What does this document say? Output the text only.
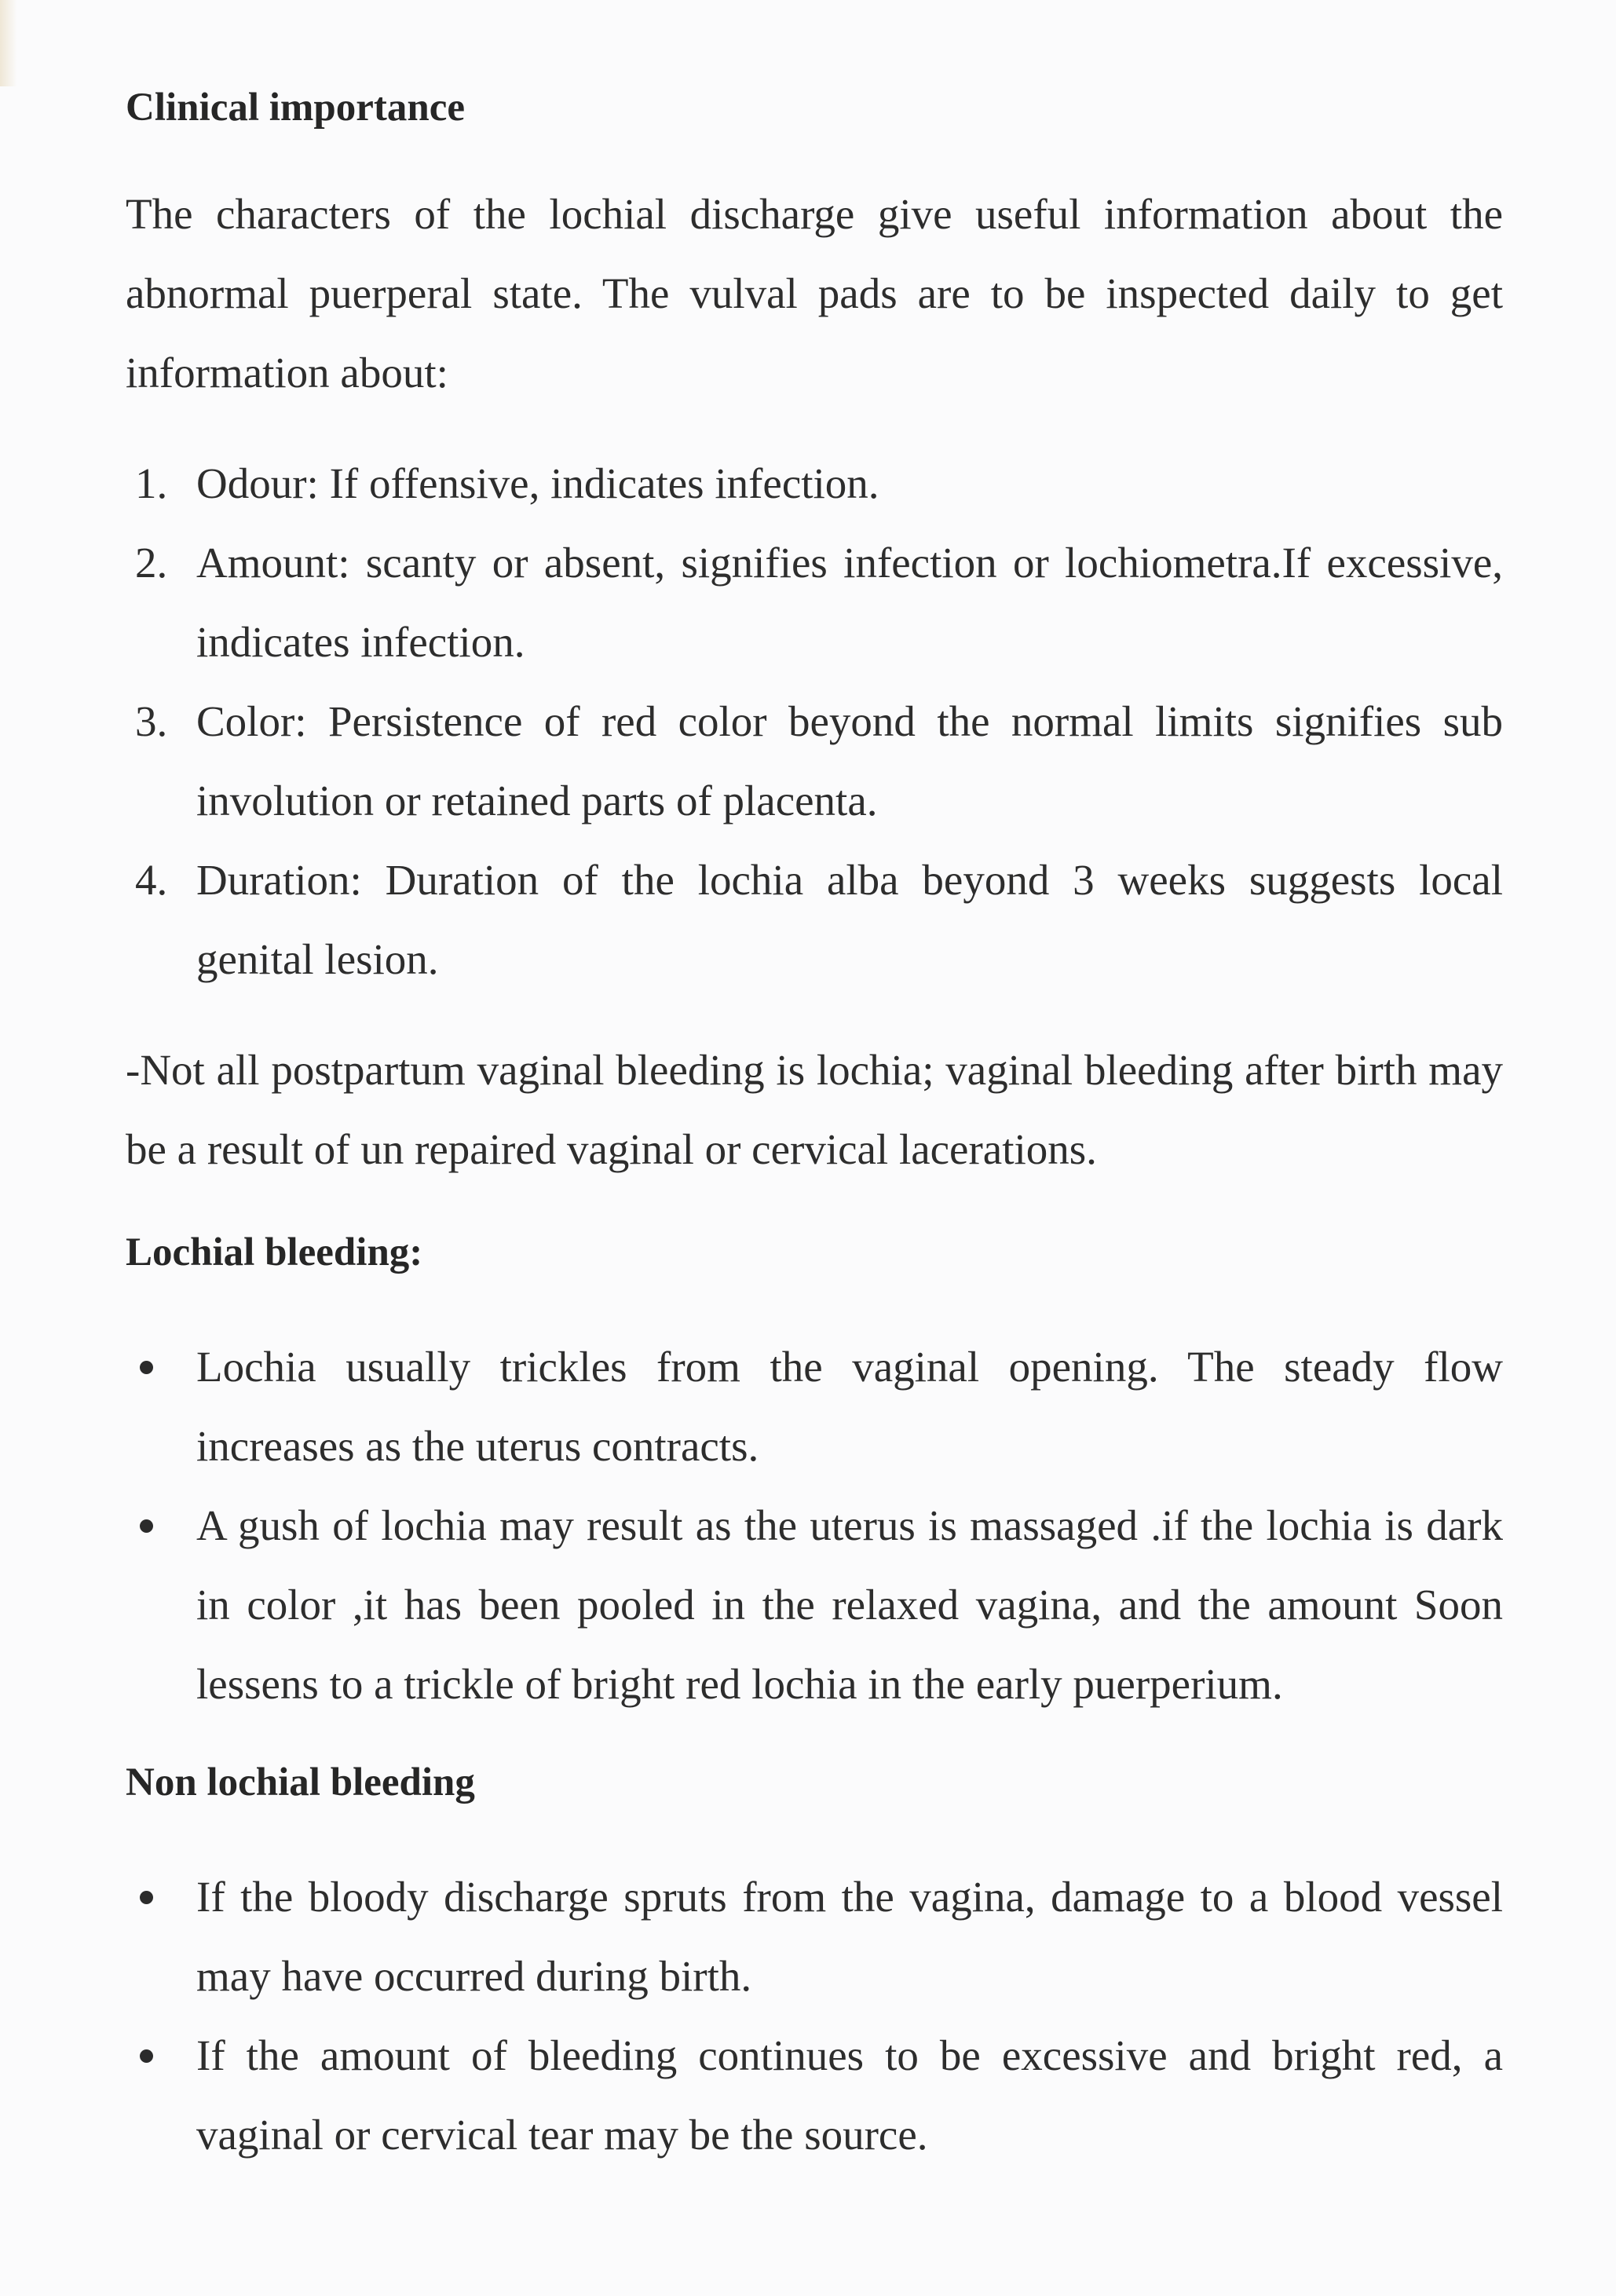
Clinical importance

The characters of the lochial discharge give useful information about the abnormal puerperal state. The vulval pads are to be inspected daily to get information about:

1. Odour: If offensive, indicates infection.
2. Amount: scanty or absent, signifies infection or lochiometra.If excessive, indicates infection.
3. Color: Persistence of red color beyond the normal limits signifies sub involution or retained parts of placenta.
4. Duration: Duration of the lochia alba beyond 3 weeks suggests local genital lesion.

-Not all postpartum vaginal bleeding is lochia; vaginal bleeding after birth may be a result of un repaired vaginal or cervical lacerations.

Lochial bleeding:
Lochia usually trickles from the vaginal opening. The steady flow increases as the uterus contracts.
A gush of lochia may result as the uterus is massaged .if the lochia is dark in color ,it has been pooled in the relaxed vagina, and the amount Soon lessens to a trickle of bright red lochia in the early puerperium.
Non lochial bleeding
If the bloody discharge spruts from the vagina, damage to a blood vessel may have occurred during birth.
If the amount of bleeding continues to be excessive and bright red, a vaginal or cervical tear may be the source.
